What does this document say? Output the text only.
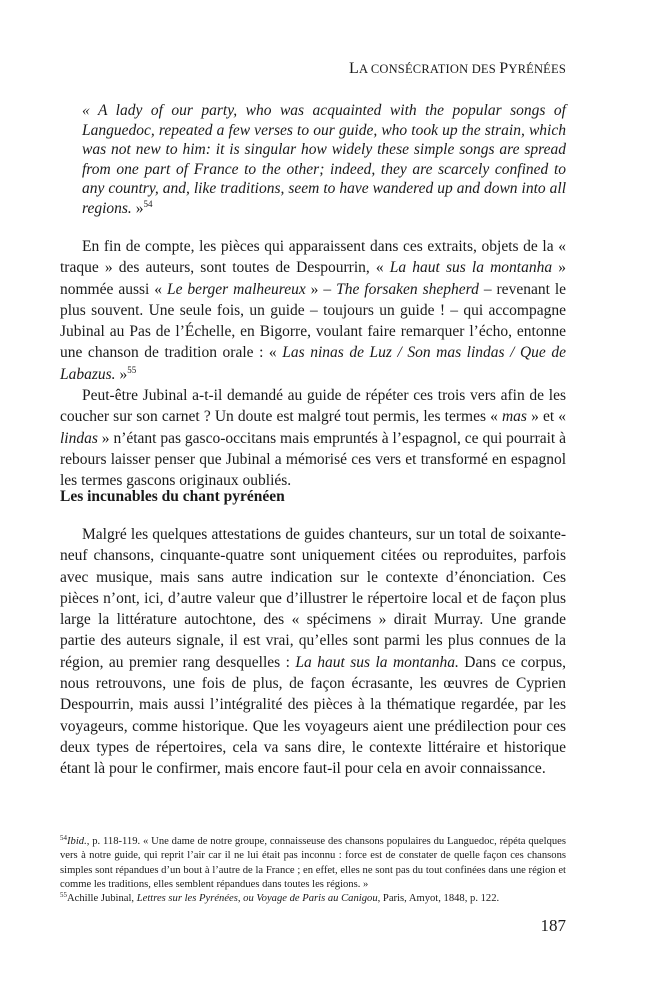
LA CONSÉCRATION DES PYRÉNÉES
« A lady of our party, who was acquainted with the popular songs of Languedoc, repeated a few verses to our guide, who took up the strain, which was not new to him: it is singular how widely these simple songs are spread from one part of France to the other; indeed, they are scarcely confined to any country, and, like traditions, seem to have wandered up and down into all regions. »$^{54}$

En fin de compte, les pièces qui apparaissent dans ces extraits, objets de la « traque » des auteurs, sont toutes de Despourrin, « La haut sus la montanha » nommée aussi « Le berger malheureux » – The forsaken shepherd – revenant le plus souvent. Une seule fois, un guide – toujours un guide ! – qui accompagne Jubinal au Pas de l’Échelle, en Bigorre, voulant faire remarquer l’écho, entonne une chanson de tradition orale : « Las ninas de Luz / Son mas lindas / Que de Labazus. »$^{55}$

Peut-être Jubinal a-t-il demandé au guide de répéter ces trois vers afin de les coucher sur son carnet ? Un doute est malgré tout permis, les termes « mas » et « lindas » n’étant pas gasco-occitans mais empruntés à l’espagnol, ce qui pourrait à rebours laisser penser que Jubinal a mémorisé ces vers et transformé en espagnol les termes gascons originaux oubliés.

Les incunables du chant pyrénéen

Malgré les quelques attestations de guides chanteurs, sur un total de soixante-neuf chansons, cinquante-quatre sont uniquement citées ou reproduites, parfois avec musique, mais sans autre indication sur le contexte d’énonciation. Ces pièces n’ont, ici, d’autre valeur que d’illustrer le répertoire local et de façon plus large la littérature autochtone, des « spécimens » dirait Murray. Une grande partie des auteurs signale, il est vrai, qu’elles sont parmi les plus connues de la région, au premier rang desquelles : La haut sus la montanha. Dans ce corpus, nous retrouvons, une fois de plus, de façon écrasante, les œuvres de Cyprien Despourrin, mais aussi l’intégralité des pièces à la thématique regardée, par les voyageurs, comme historique. Que les voyageurs aient une prédilection pour ces deux types de répertoires, cela va sans dire, le contexte littéraire et historique étant là pour le confirmer, mais encore faut-il pour cela en avoir connaissance.

$^{54}$Ibid., p. 118-119. « Une dame de notre groupe, connaisseuse des chansons populaires du Languedoc, répéta quelques vers à notre guide, qui reprit l’air car il ne lui était pas inconnu : force est de constater de quelle façon ces chansons simples sont répandues d’un bout à l’autre de la France ; en effet, elles ne sont pas du tout confinées dans une région et comme les traditions, elles semblent répandues dans toutes les régions. »

$^{55}$Achille Jubinal, Lettres sur les Pyrénées, ou Voyage de Paris au Canigou, Paris, Amyot, 1848, p. 122.

187
